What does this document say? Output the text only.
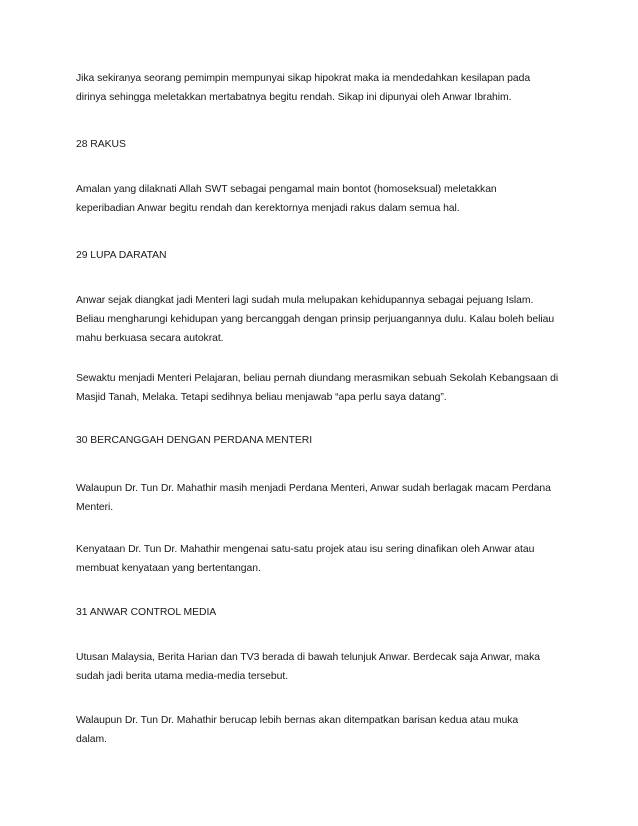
Jika sekiranya seorang pemimpin mempunyai sikap hipokrat maka ia mendedahkan kesilapan pada
dirinya sehingga meletakkan mertabatnya begitu rendah. Sikap ini dipunyai oleh Anwar Ibrahim.

28 RAKUS

Amalan yang dilaknati Allah SWT sebagai pengamal main bontot (homoseksual) meletakkan
keperibadian Anwar begitu rendah dan kerektornya menjadi rakus dalam semua hal.

29 LUPA DARATAN

Anwar sejak diangkat jadi Menteri lagi sudah mula melupakan kehidupannya sebagai pejuang Islam.
Beliau mengharungi kehidupan yang bercanggah dengan prinsip perjuangannya dulu. Kalau boleh beliau
mahu berkuasa secara autokrat.

Sewaktu menjadi Menteri Pelajaran, beliau pernah diundang merasmikan sebuah Sekolah Kebangsaan di
Masjid Tanah, Melaka. Tetapi sedihnya beliau menjawab “apa perlu saya datang”.

30 BERCANGGAH DENGAN PERDANA MENTERI

Walaupun Dr. Tun Dr. Mahathir masih menjadi Perdana Menteri, Anwar sudah berlagak macam Perdana
Menteri.

Kenyataan Dr. Tun Dr. Mahathir mengenai satu-satu projek atau isu sering dinafikan oleh Anwar atau
membuat kenyataan yang bertentangan.

31 ANWAR CONTROL MEDIA

Utusan Malaysia, Berita Harian dan TV3 berada di bawah telunjuk Anwar. Berdecak saja Anwar, maka
sudah jadi berita utama media-media tersebut.

Walaupun Dr. Tun Dr. Mahathir berucap lebih bernas akan ditempatkan barisan kedua atau muka
dalam.
